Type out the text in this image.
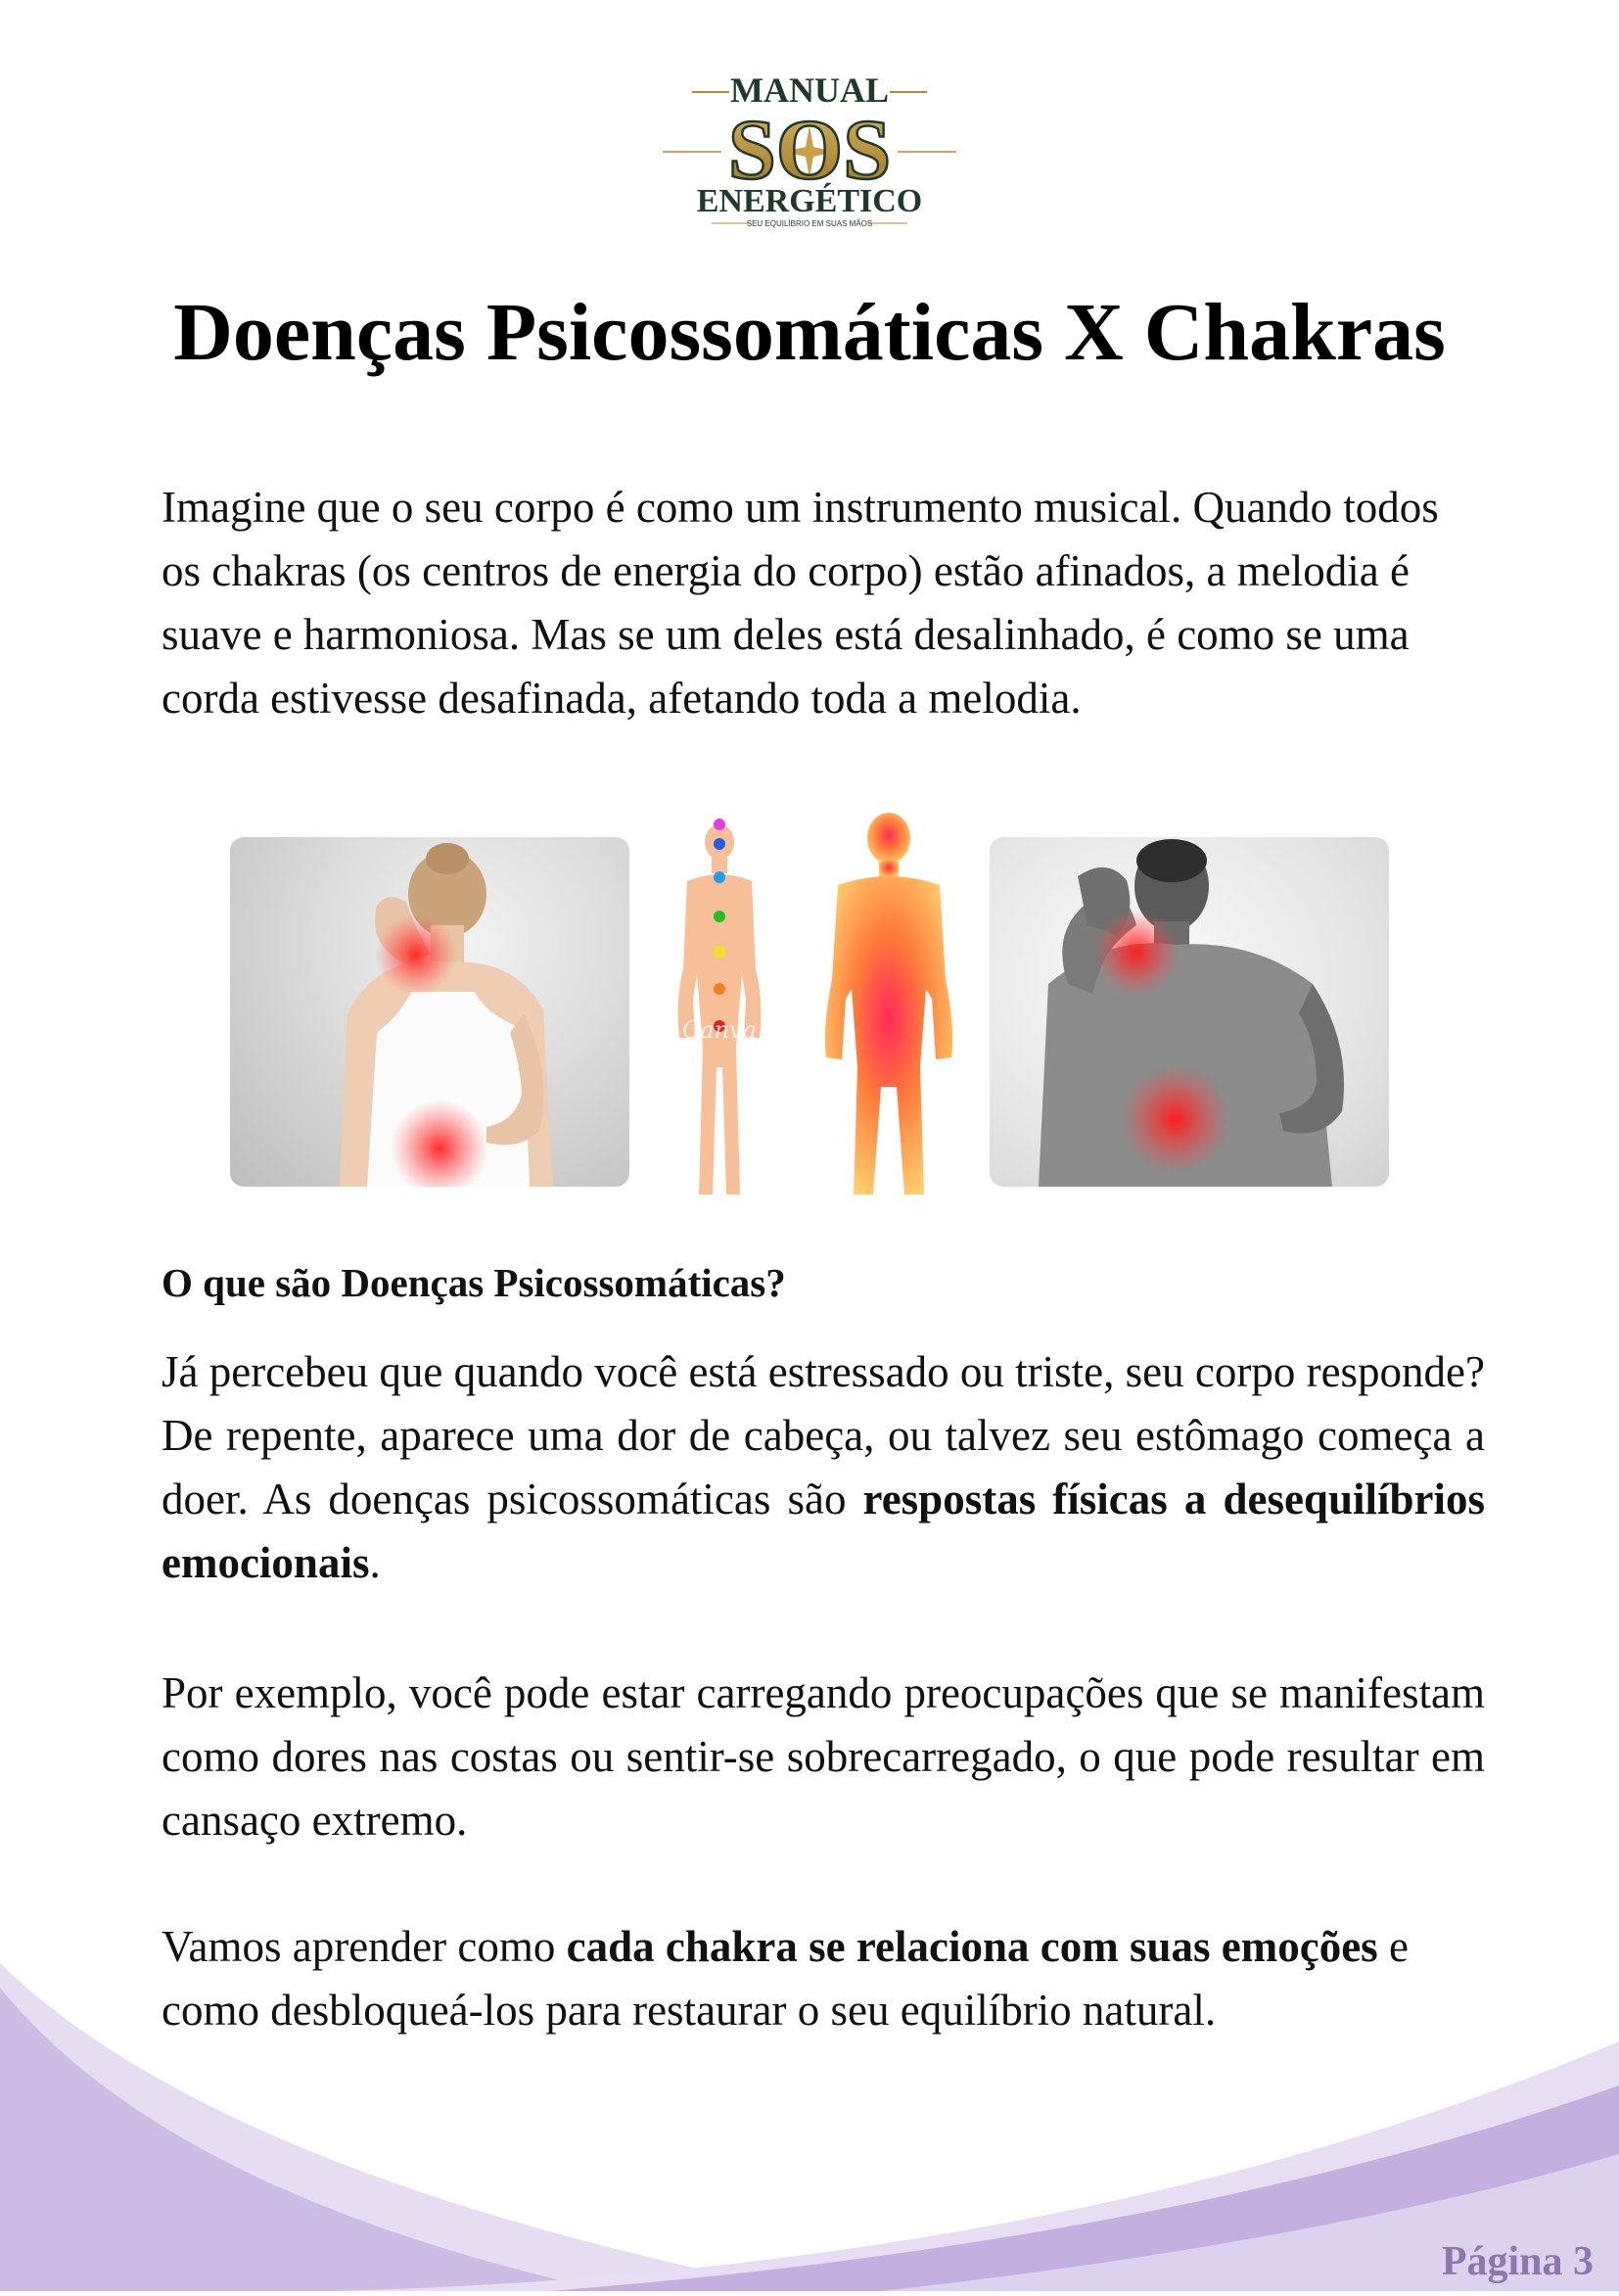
MANUAL
SOS
ENERGÉTICO
SEU EQUILÍBRIO EM SUAS MÃOS
Doenças Psicossomáticas X Chakras

Imagine que o seu corpo é como um instrumento musical. Quando todos os chakras (os centros de energia do corpo) estão afinados, a melodia é suave e harmoniosa. Mas se um deles está desalinhado, é como se uma corda estivesse desafinada, afetando toda a melodia.

Canva
O que são Doenças Psicossomáticas?

Já percebeu que quando você está estressado ou triste, seu corpo responde? De repente, aparece uma dor de cabeça, ou talvez seu estômago começa a doer. As doenças psicossomáticas são respostas físicas a desequilíbrios emocionais.

Por exemplo, você pode estar carregando preocupações que se manifestam como dores nas costas ou sentir-se sobrecarregado, o que pode resultar em cansaço extremo.

Vamos aprender como cada chakra se relaciona com suas emoções e como desbloqueá-los para restaurar o seu equilíbrio natural.

Página 3
